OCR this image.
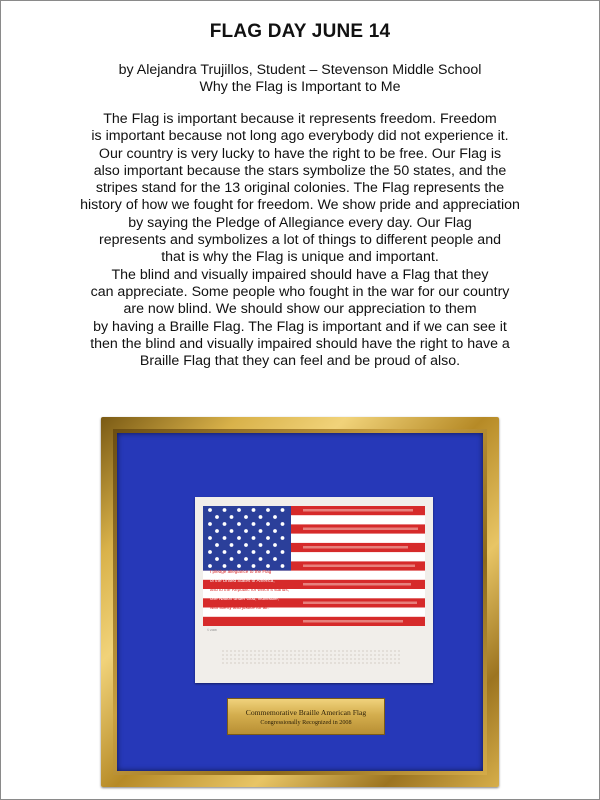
FLAG DAY JUNE 14
by Alejandra Trujillos, Student – Stevenson Middle School
Why the Flag is Important to Me
The Flag is important because it represents freedom. Freedom
is important because not long ago everybody did not experience it.
Our country is very lucky to have the right to be free. Our Flag is
also important because the stars symbolize the 50 states, and the
stripes stand for the 13 original colonies. The Flag represents the
history of how we fought for freedom. We show pride and appreciation
by saying the Pledge of Allegiance every day. Our Flag
represents and symbolizes a lot of things to different people and
that is why the Flag is unique and important.
The blind and visually impaired should have a Flag that they
can appreciate. Some people who fought in the war for our country
are now blind. We should show our appreciation to them
by having a Braille Flag. The Flag is important and if we can see it
then the blind and visually impaired should have the right to have a
Braille Flag that they can feel and be proud of also.
I pledge allegiance to the Flag
of the United States of America,
and to the Republic for which it stands,
one Nation under God, indivisible,
with liberty and justice for all.
© 2008
Commemorative Braille American Flag
Congressionally Recognized in 2008
